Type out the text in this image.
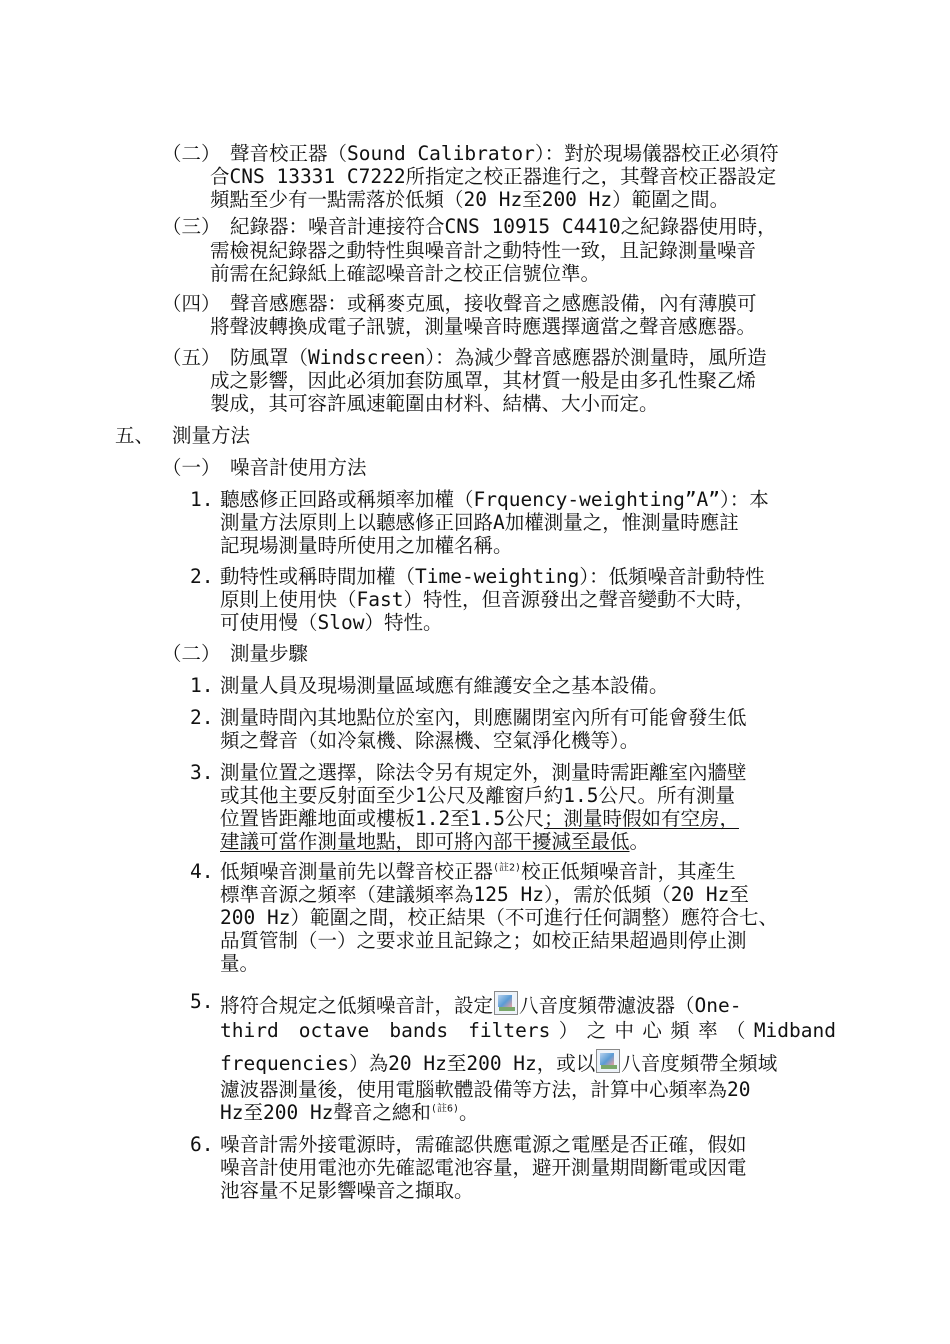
（二） 聲音校正器（Sound Calibrator）：對於現場儀器校正必須符
合CNS 13331 C7222所指定之校正器進行之，其聲音校正器設定
頻點至少有一點需落於低頻（20 Hz至200 Hz）範圍之間。
（三） 紀錄器：噪音計連接符合CNS 10915 C4410之紀錄器使用時，
需檢視紀錄器之動特性與噪音計之動特性一致，且記錄測量噪音
前需在紀錄紙上確認噪音計之校正信號位準。
（四） 聲音感應器：或稱麥克風，接收聲音之感應設備，內有薄膜可
將聲波轉換成電子訊號，測量噪音時應選擇適當之聲音感應器。
（五） 防風罩（Windscreen）：為減少聲音感應器於測量時，風所造
成之影響，因此必須加套防風罩，其材質一般是由多孔性聚乙烯
製成，其可容許風速範圍由材料、結構、大小而定。
五、 測量方法
（一） 噪音計使用方法
1. 聽感修正回路或稱頻率加權（Frquency-weighting”A”）：本
測量方法原則上以聽感修正回路A加權測量之，惟測量時應註
記現場測量時所使用之加權名稱。
2. 動特性或稱時間加權（Time-weighting）：低頻噪音計動特性
原則上使用快（Fast）特性，但音源發出之聲音變動不大時，
可使用慢（Slow）特性。
（二） 測量步驟
1. 測量人員及現場測量區域應有維護安全之基本設備。
2. 測量時間內其地點位於室內，則應關閉室內所有可能會發生低
頻之聲音（如冷氣機、除濕機、空氣淨化機等）。
3. 測量位置之選擇，除法令另有規定外，測量時需距離室內牆壁
或其他主要反射面至少1公尺及離窗戶約1.5公尺。所有測量
位置皆距離地面或樓板1.2至1.5公尺；測量時假如有空房，
建議可當作測量地點，即可將內部干擾減至最低。
4. 低頻噪音測量前先以聲音校正器$^{(註2)}$校正低頻噪音計，其產生
標準音源之頻率（建議頻率為125 Hz），需於低頻（20 Hz至
200 Hz）範圍之間，校正結果（不可進行任何調整）應符合七、
品質管制（一）之要求並且記錄之；如校正結果超過則停止測
量。
5. 將符合規定之低頻噪音計，設定 八音度頻帶濾波器（One-
third octave bands filters）之中心頻率（Midband
frequencies）為20 Hz至200 Hz，或以 八音度頻帶全頻域
濾波器測量後，使用電腦軟體設備等方法，計算中心頻率為20
Hz至200 Hz聲音之總和$^{(註6)}$。
6. 噪音計需外接電源時，需確認供應電源之電壓是否正確，假如
噪音計使用電池亦先確認電池容量，避开測量期間斷電或因電
池容量不足影響噪音之擷取。
